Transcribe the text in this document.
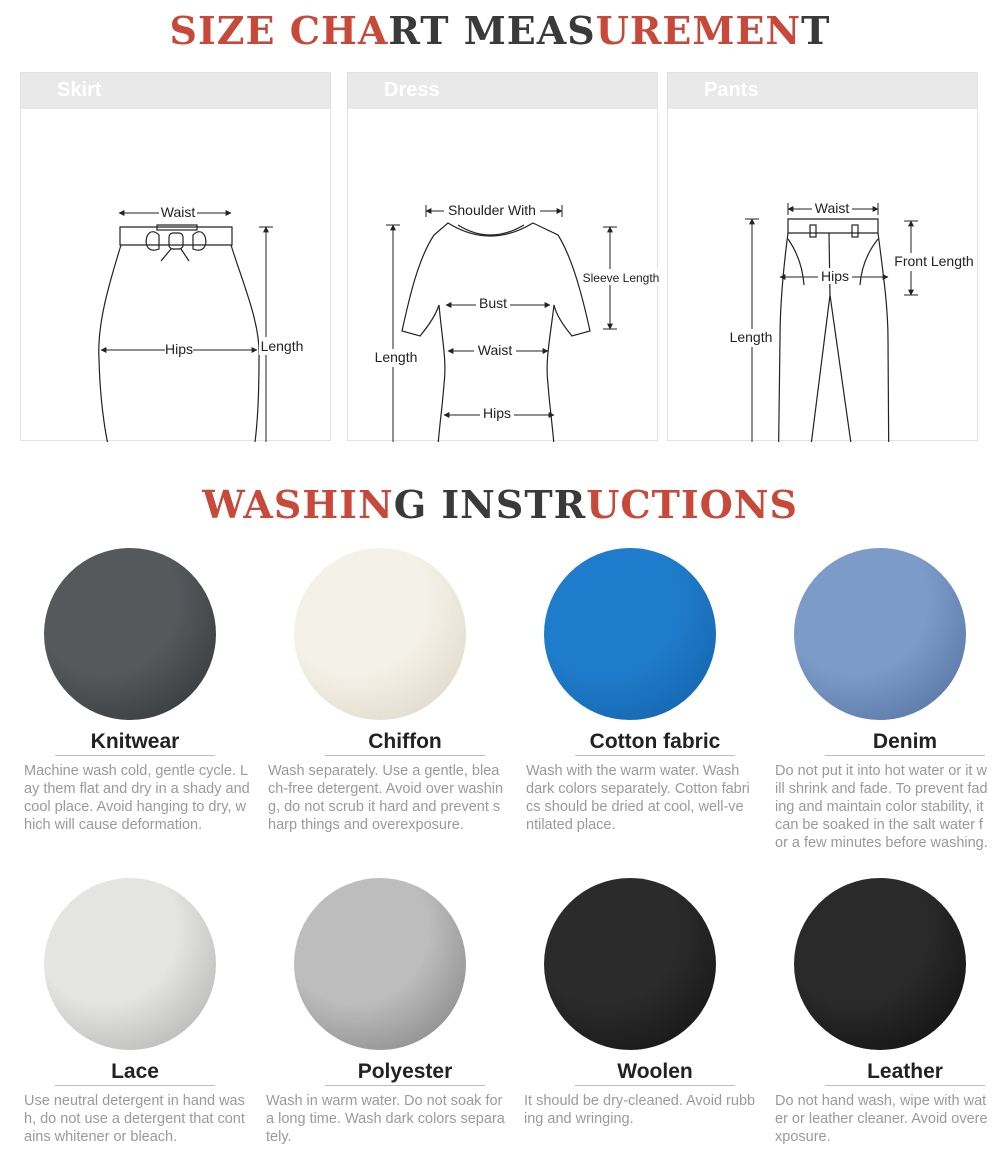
SIZE CHART MEASUREMENT
Skirt
Waist
Hips	Length
Dress
Shoulder With
Sleeve Length
Bust
Waist
Length
Hips
Pants
Waist
Front Length
Hips
Length
WASHING INSTRUCTIONS
Knitwear
Machine wash cold, gentle cycle. Lay them flat and dry in a shady and cool place. Avoid hanging to dry, which will cause deformation.
Chiffon
Wash separately. Use a gentle, bleach-free detergent. Avoid over washing, do not scrub it hard and prevent sharp things and overexposure.
Cotton fabric
Wash with the warm water. Wash dark colors separately. Cotton fabrics should be dried at cool, well-ventilated place.
Denim
Do not put it into hot water or it will shrink and fade. To prevent fading and maintain color stability, it can be soaked in the salt water for a few minutes before washing.
Lace
Use neutral detergent in hand wash, do not use a detergent that contains whitener or bleach.
Polyester
Wash in warm water. Do not soak for a long time. Wash dark colors separately.
Woolen
It should be dry-cleaned. Avoid rubbing and wringing.
Leather
Do not hand wash, wipe with water or leather cleaner. Avoid overexposure.
